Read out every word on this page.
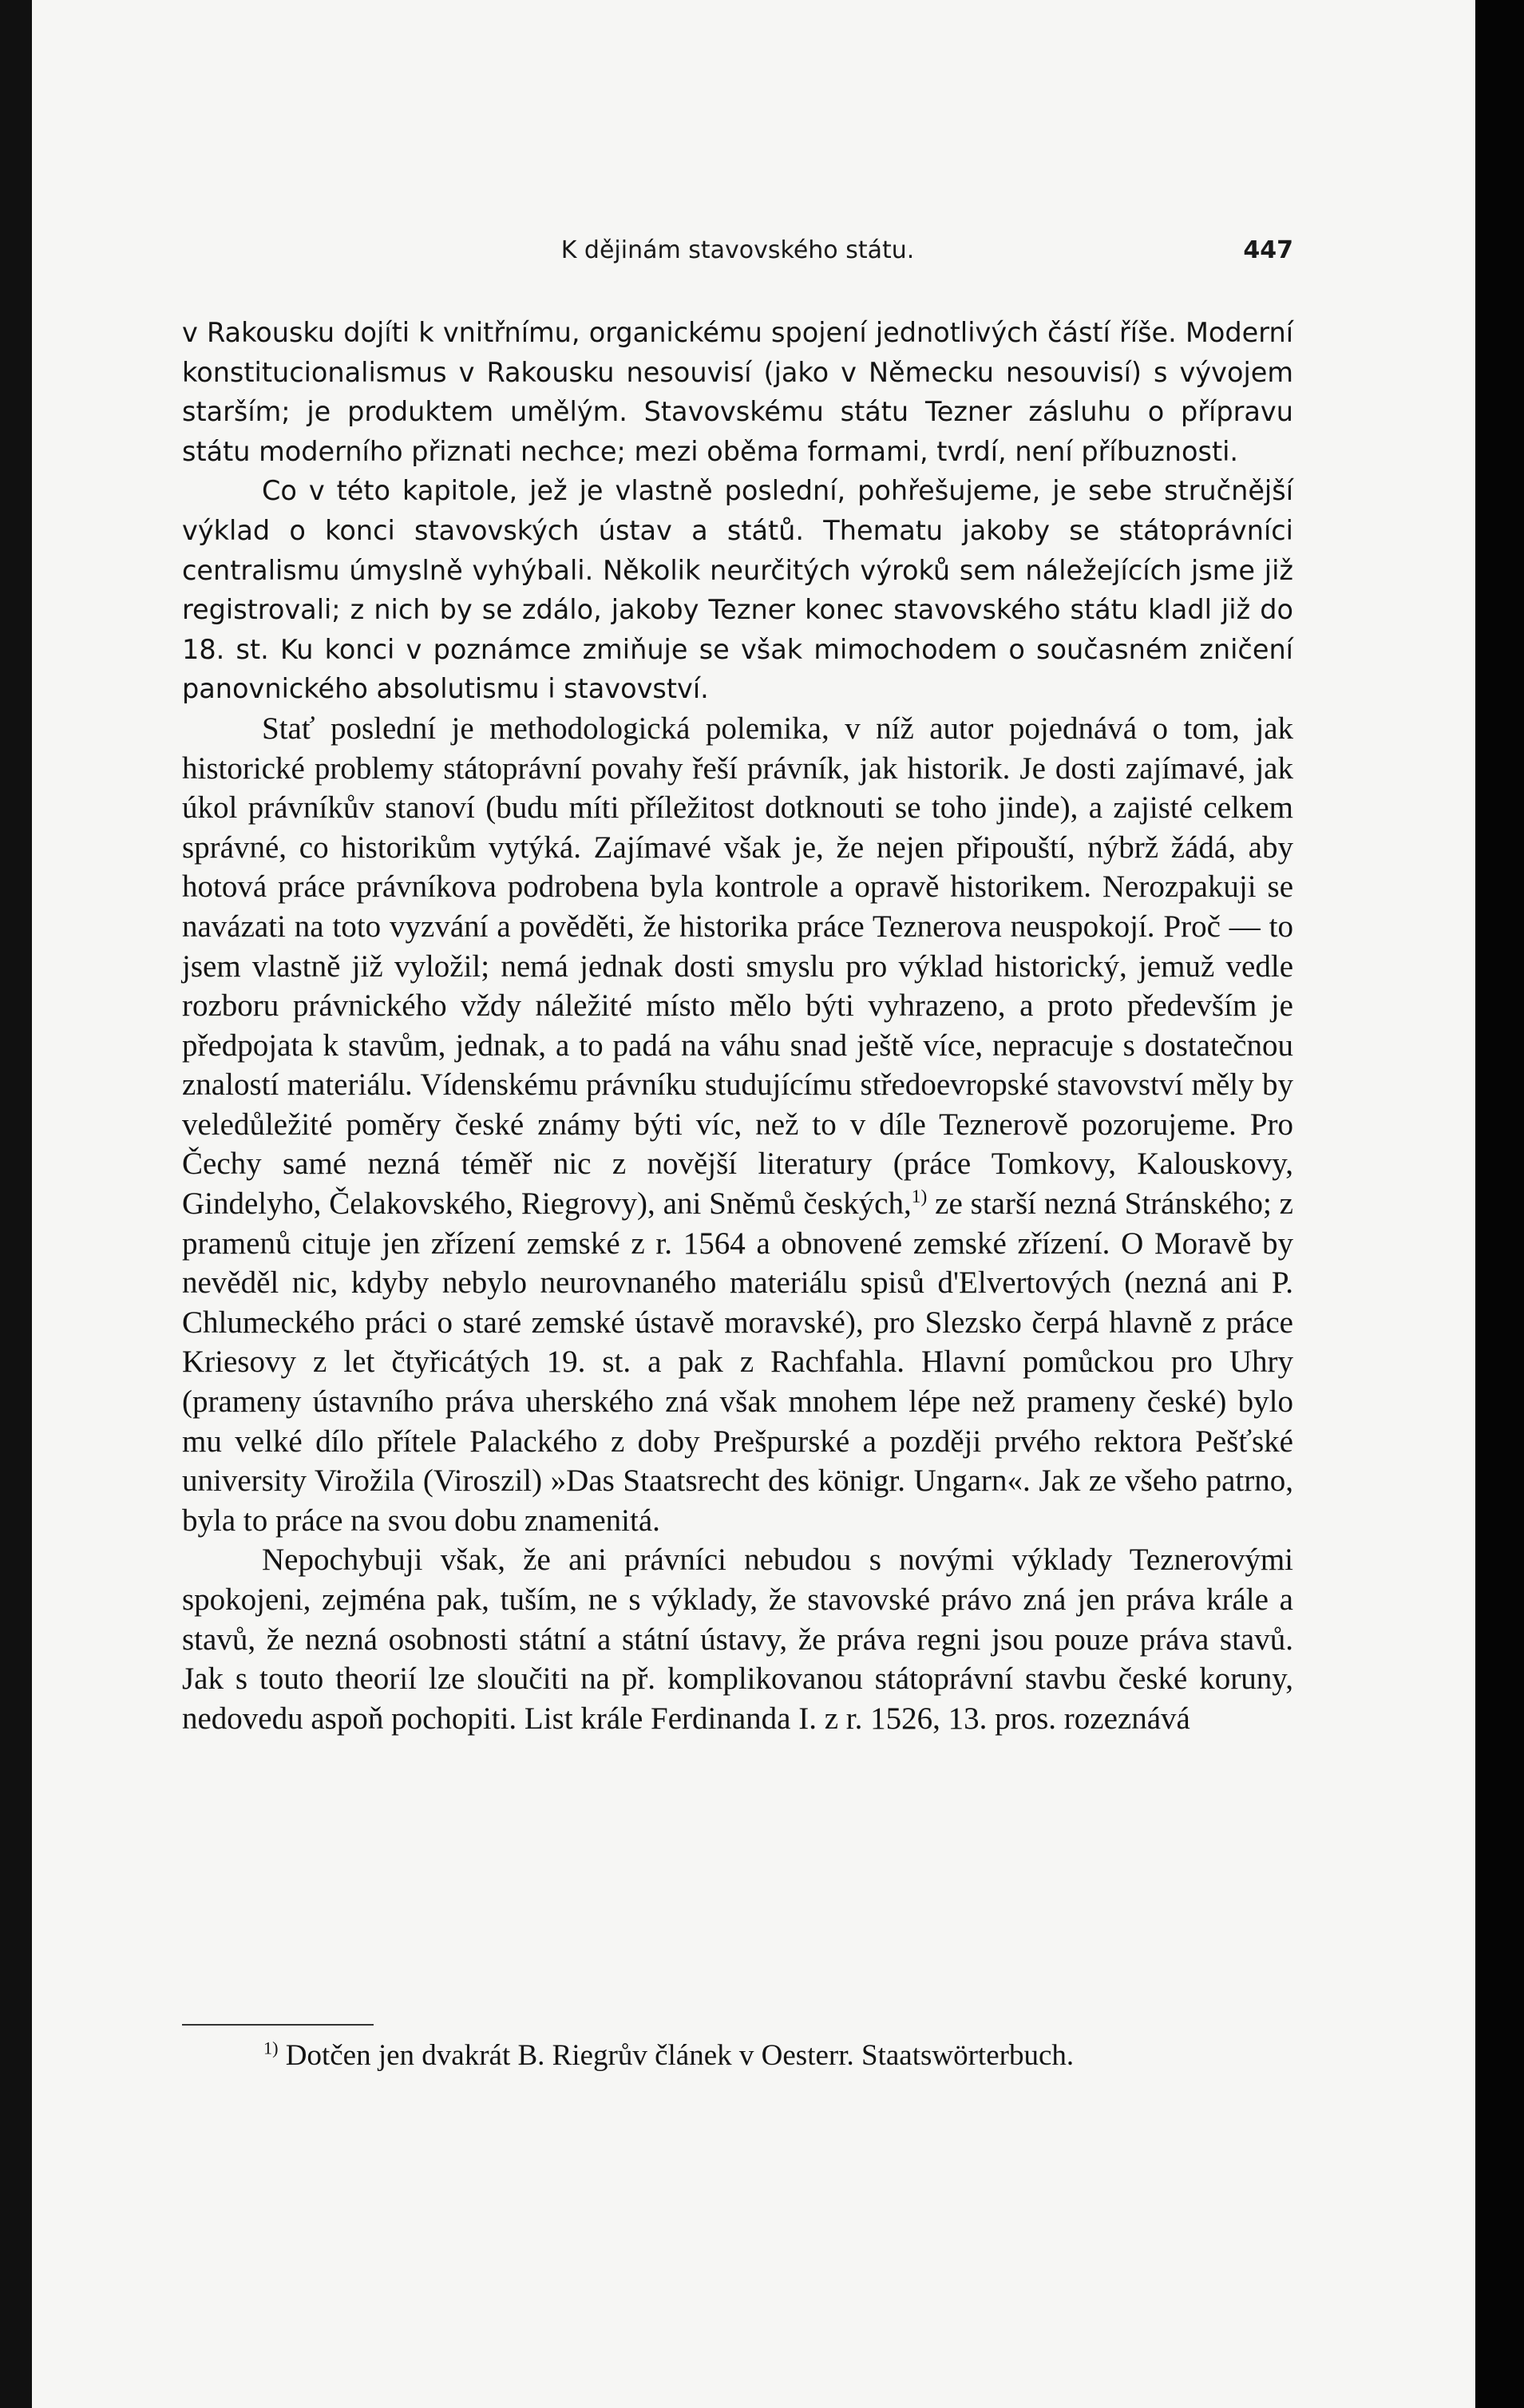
K dějinám stavovského státu.	447

v Rakousku dojíti k vnitřnímu, organickému spojení jednotlivých částí říše. Moderní konstitucionalismus v Rakousku nesouvisí (jako v Německu nesouvisí) s vývojem starším; je produktem umělým. Stavovskému státu Tezner zásluhu o přípravu státu moderního přiznati nechce; mezi oběma formami, tvrdí, není příbuznosti.

Co v této kapitole, jež je vlastně poslední, pohřešujeme, je sebe stručnější výklad o konci stavovských ústav a států. Thematu jakoby se státoprávníci centralismu úmyslně vyhýbali. Několik neurčitých výroků sem náležejících jsme již registrovali; z nich by se zdálo, jakoby Tezner konec stavovského státu kladl již do 18. st. Ku konci v poznámce zmiňuje se však mimochodem o současném zničení panovnického absolutismu i stavovství.

Stať poslední je methodologická polemika, v níž autor pojednává o tom, jak historické problemy státoprávní povahy řeší právník, jak historik. Je dosti zajímavé, jak úkol právníkův stanoví (budu míti příležitost dotknouti se toho jinde), a zajisté celkem správné, co historikům vytýká. Zajímavé však je, že nejen připouští, nýbrž žádá, aby hotová práce právníkova podrobena byla kontrole a opravě historikem. Nerozpakuji se navázati na toto vyzvání a pověděti, že historika práce Teznerova neuspokojí. Proč — to jsem vlastně již vyložil; nemá jednak dosti smyslu pro výklad historický, jemuž vedle rozboru právnického vždy náležité místo mělo býti vyhrazeno, a proto především je předpojata k stavům, jednak, a to padá na váhu snad ještě více, nepracuje s dostatečnou znalostí materiálu. Vídenskému právníku studujícímu středoevropské stavovství měly by veledůležité poměry české známy býti víc, než to v díle Teznerově pozorujeme. Pro Čechy samé nezná téměř nic z novější literatury (práce Tomkovy, Kalouskovy, Gindelyho, Čelakovského, Riegrovy), ani Sněmů českých,$^{1)}$ ze starší nezná Stránského; z pramenů cituje jen zřízení zemské z r. 1564 a obnovené zemské zřízení. O Moravě by nevěděl nic, kdyby nebylo neurovnaného materiálu spisů d'Elvertových (nezná ani P. Chlumeckého práci o staré zemské ústavě moravské), pro Slezsko čerpá hlavně z práce Kriesovy z let čtyřicátých 19. st. a pak z Rachfahla. Hlavní pomůckou pro Uhry (prameny ústavního práva uherského zná však mnohem lépe než prameny české) bylo mu velké dílo přítele Palackého z doby Prešpurské a později prvého rektora Pešťské university Virožila (Viroszil) »Das Staatsrecht des königr. Ungarn«. Jak ze všeho patrno, byla to práce na svou dobu znamenitá.

Nepochybuji však, že ani právníci nebudou s novými výklady Teznerovými spokojeni, zejména pak, tuším, ne s výklady, že stavovské právo zná jen práva krále a stavů, že nezná osobnosti státní a státní ústavy, že práva regni jsou pouze práva stavů. Jak s touto theorií lze sloučiti na př. komplikovanou státoprávní stavbu české koruny, nedovedu aspoň pochopiti. List krále Ferdinanda I. z r. 1526, 13. pros. rozeznává

$^{1)}$ Dotčen jen dvakrát B. Riegrův článek v Oesterr. Staatswörterbuch.
